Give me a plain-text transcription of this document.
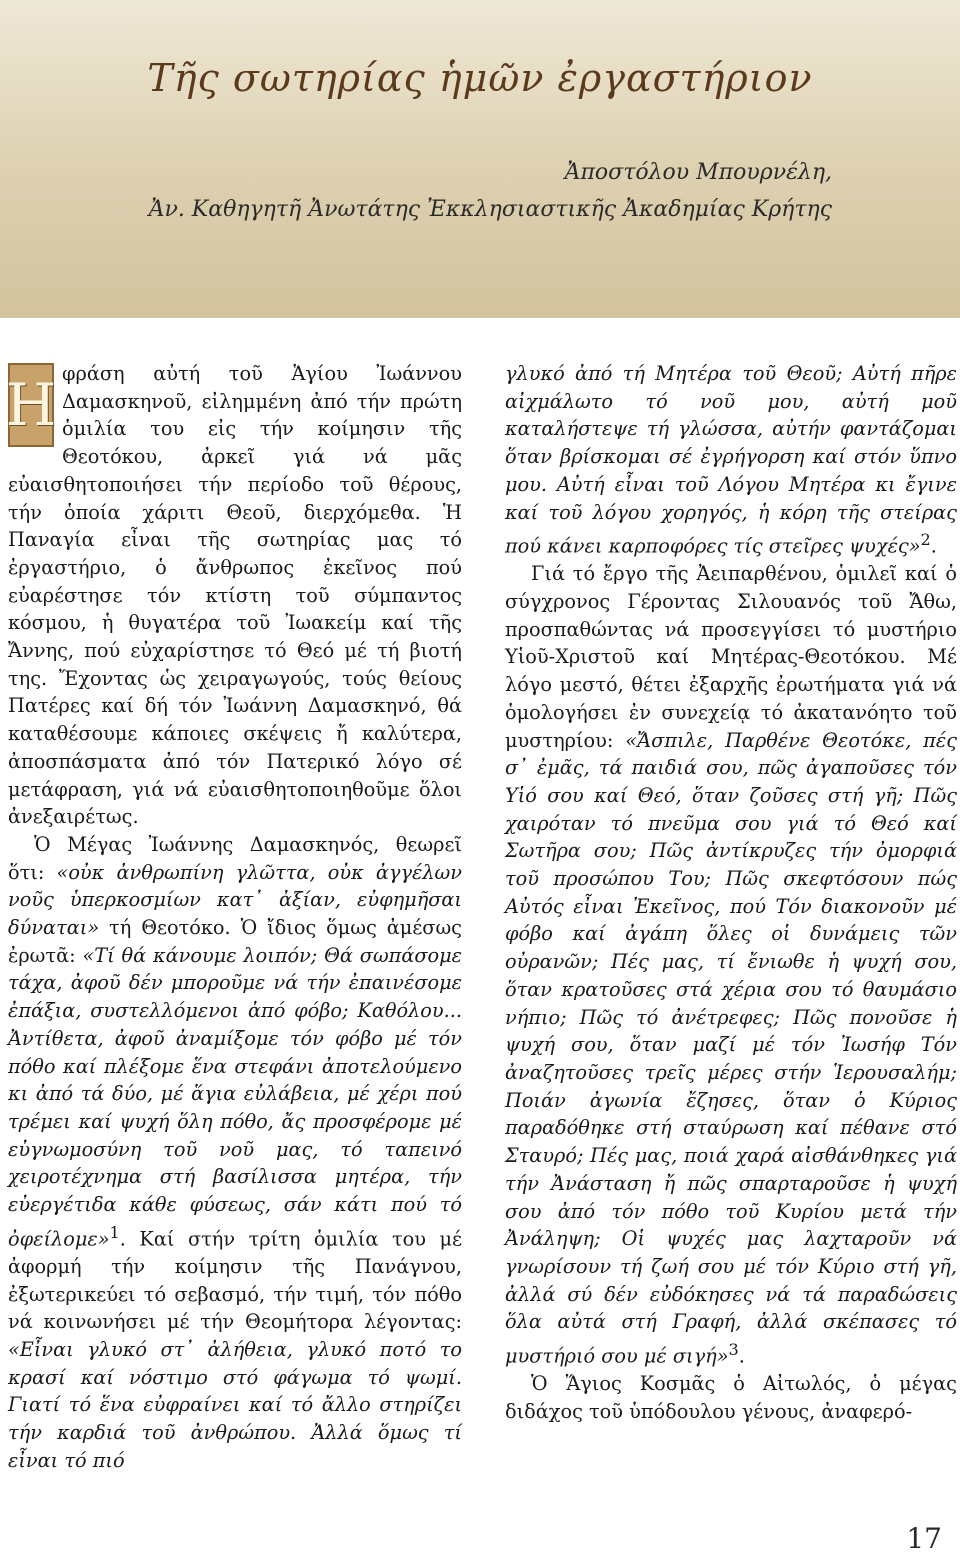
Τῆς σωτηρίας ἡμῶν ἐργαστήριον
Ἀποστόλου Μπουρνέλη,
Ἀν. Καθηγητῆ Ἀνωτάτης Ἐκκλησιαστικῆς Ἀκαδημίας Κρήτης

Η φράση αὐτή τοῦ Ἁγίου Ἰωάννου Δαμασκηνοῦ, εἰλημμένη ἀπό τήν πρώτη ὁμιλία του εἰς τήν κοίμησιν τῆς Θεοτόκου, ἀρκεῖ γιά νά μᾶς εὐαισθητοποιήσει τήν περίοδο τοῦ θέρους, τήν ὁποία χάριτι Θεοῦ, διερχόμεθα. Ἡ Παναγία εἶναι τῆς σωτηρίας μας τό ἐργαστήριο, ὁ ἄνθρωπος ἐκεῖνος πού εὐαρέστησε τόν κτίστη τοῦ σύμπαντος κόσμου, ἡ θυγατέρα τοῦ Ἰωακείμ καί τῆς Ἄννης, πού εὐχαρίστησε τό Θεό μέ τή βιοτή της. Ἔχοντας ὡς χειραγωγούς, τούς θείους Πατέρες καί δή τόν Ἰωάννη Δαμασκηνό, θά καταθέσουμε κάποιες σκέψεις ἤ καλύτερα, ἀποσπάσματα ἀπό τόν Πατερικό λόγο σέ μετάφραση, γιά νά εὐαισθητοποιηθοῦμε ὅλοι ἀνεξαιρέτως.

Ὁ Μέγας Ἰωάννης Δαμασκηνός, θεωρεῖ ὅτι: «οὐκ ἀνθρωπίνη γλῶττα, οὐκ ἀγγέλων νοῦς ὑπερκοσμίων κατ᾽ ἀξίαν, εὐφημῆσαι δύναται» τή Θεοτόκο. Ὁ ἴδιος ὅμως ἀμέσως ἐρωτᾶ: «Τί θά κάνουμε λοιπόν; Θά σωπάσομε τάχα, ἀφοῦ δέν μποροῦμε νά τήν ἐπαινέσομε ἐπάξια, συστελλόμενοι ἀπό φόβο; Καθόλου... Ἀντίθετα, ἀφοῦ ἀναμίξομε τόν φόβο μέ τόν πόθο καί πλέξομε ἕνα στεφάνι ἀποτελούμενο κι ἀπό τά δύο, μέ ἅγια εὐλάβεια, μέ χέρι πού τρέμει καί ψυχή ὅλη πόθο, ἄς προσφέρομε μέ εὐγνωμοσύνη τοῦ νοῦ μας, τό ταπεινό χειροτέχνημα στή βασίλισσα μητέρα, τήν εὐεργέτιδα κάθε φύσεως, σάν κάτι πού τό ὀφείλομε»$^1$. Καί στήν τρίτη ὁμιλία του μέ ἀφορμή τήν κοίμησιν τῆς Πανάγνου, ἐξωτερικεύει τό σεβασμό, τήν τιμή, τόν πόθο νά κοινωνήσει μέ τήν Θεομήτορα λέγοντας: «Εἶναι γλυκό στ᾽ ἀλήθεια, γλυκό ποτό το κρασί καί νόστιμο στό φάγωμα τό ψωμί. Γιατί τό ἕνα εὐφραίνει καί τό ἄλλο στηρίζει τήν καρδιά τοῦ ἀνθρώπου. Ἀλλά ὅμως τί εἶναι τό πιό

γλυκό ἀπό τή Μητέρα τοῦ Θεοῦ; Αὐτή πῆρε αἰχμάλωτο τό νοῦ μου, αὐτή μοῦ καταλήστεψε τή γλώσσα, αὐτήν φαντάζομαι ὅταν βρίσκομαι σέ ἐγρήγορση καί στόν ὕπνο μου. Αὐτή εἶναι τοῦ Λόγου Μητέρα κι ἔγινε καί τοῦ λόγου χορηγός, ἡ κόρη τῆς στείρας πού κάνει καρποφόρες τίς στεῖρες ψυχές»$^2$.

Γιά τό ἔργο τῆς Ἀειπαρθένου, ὁμιλεῖ καί ὁ σύγχρονος Γέροντας Σιλουανός τοῦ Ἄθω, προσπαθώντας νά προσεγγίσει τό μυστήριο Υἱοῦ-Χριστοῦ καί Μητέρας-Θεοτόκου. Μέ λόγο μεστό, θέτει ἐξαρχῆς ἐρωτήματα γιά νά ὁμολογήσει ἐν συνεχείᾳ τό ἀκατανόητο τοῦ μυστηρίου: «Ἄσπιλε, Παρθένε Θεοτόκε, πές σ᾽ ἐμᾶς, τά παιδιά σου, πῶς ἀγαποῦσες τόν Υἱό σου καί Θεό, ὅταν ζοῦσες στή γῆ; Πῶς χαιρόταν τό πνεῦμα σου γιά τό Θεό καί Σωτῆρα σου; Πῶς ἀντίκρυζες τήν ὀμορφιά τοῦ προσώπου Του; Πῶς σκεφτόσουν πώς Αὐτός εἶναι Ἐκεῖνος, πού Τόν διακονοῦν μέ φόβο καί ἀγάπη ὅλες οἱ δυνάμεις τῶν οὐρανῶν; Πές μας, τί ἔνιωθε ἡ ψυχή σου, ὅταν κρατοῦσες στά χέρια σου τό θαυμάσιο νήπιο; Πῶς τό ἀνέτρεφες; Πῶς πονοῦσε ἡ ψυχή σου, ὅταν μαζί μέ τόν Ἰωσήφ Τόν ἀναζητοῦσες τρεῖς μέρες στήν Ἱερουσαλήμ; Ποιάν ἀγωνία ἔζησες, ὅταν ὁ Κύριος παραδόθηκε στή σταύρωση καί πέθανε στό Σταυρό; Πές μας, ποιά χαρά αἰσθάνθηκες γιά τήν Ἀνάσταση ἤ πῶς σπαρταροῦσε ἡ ψυχή σου ἀπό τόν πόθο τοῦ Κυρίου μετά τήν Ἀνάληψη; Οἱ ψυχές μας λαχταροῦν νά γνωρίσουν τή ζωή σου μέ τόν Κύριο στή γῆ, ἀλλά σύ δέν εὐδόκησες νά τά παραδώσεις ὅλα αὐτά στή Γραφή, ἀλλά σκέπασες τό μυστήριό σου μέ σιγή»$^3$.

Ὁ Ἅγιος Κοσμᾶς ὁ Αἰτωλός, ὁ μέγας διδάχος τοῦ ὑπόδουλου γένους, ἀναφερό-

17
